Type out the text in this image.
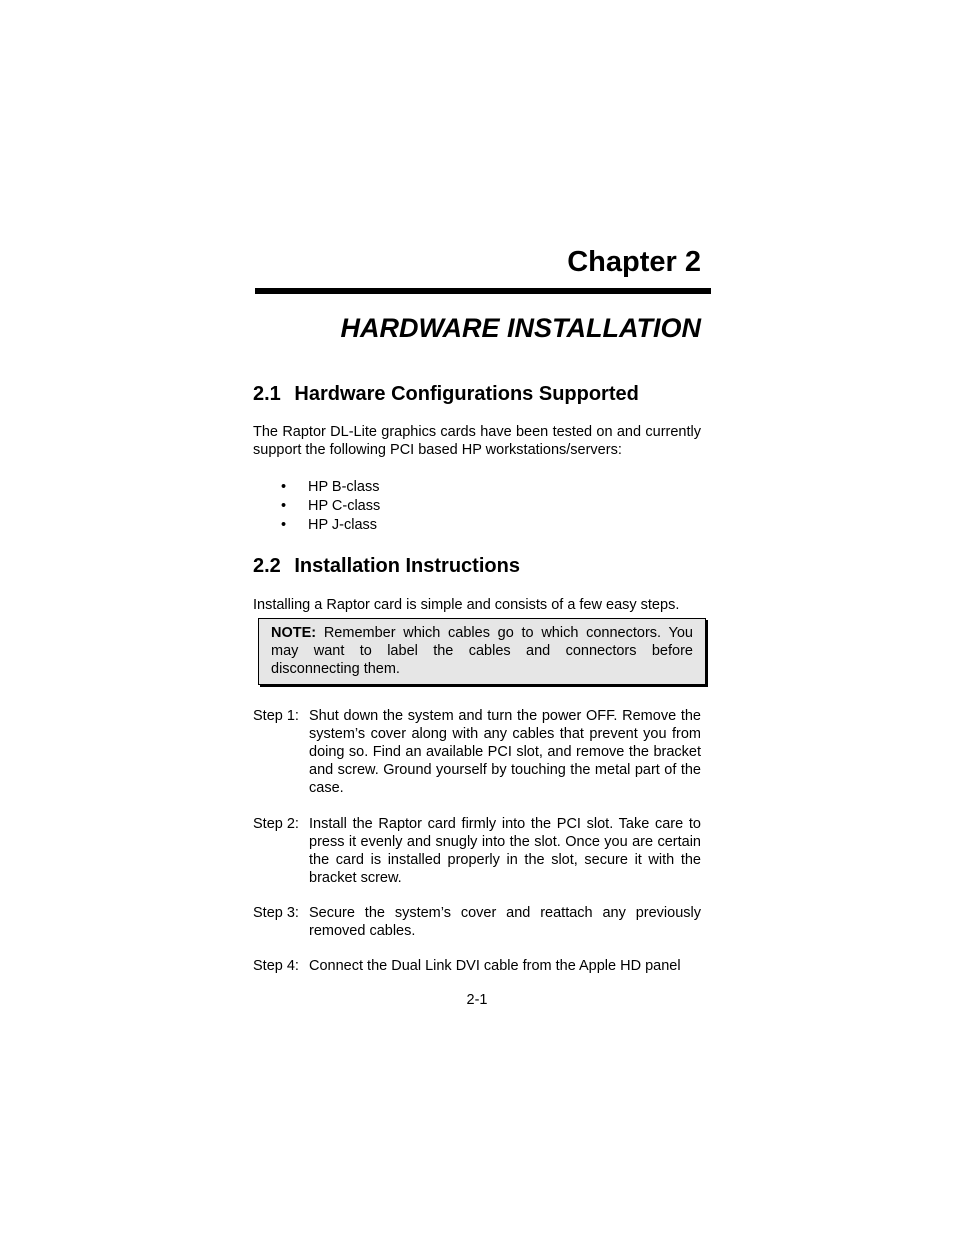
Chapter 2
HARDWARE INSTALLATION
2.1 Hardware Configurations Supported

The Raptor DL-Lite graphics cards have been tested on and currently support the following PCI based HP workstations/servers:

• HP B-class
• HP C-class
• HP J-class
2.2 Installation Instructions

Installing a Raptor card is simple and consists of a few easy steps.

NOTE: Remember which cables go to which connectors. You may want to label the cables and connectors before disconnecting them.
Step 1: Shut down the system and turn the power OFF. Remove the system’s cover along with any cables that prevent you from doing so. Find an available PCI slot, and remove the bracket and screw. Ground yourself by touching the metal part of the case.
Step 2: Install the Raptor card firmly into the PCI slot. Take care to press it evenly and snugly into the slot. Once you are certain the card is installed properly in the slot, secure it with the bracket screw.
Step 3: Secure the system’s cover and reattach any previously removed cables.
Step 4: Connect the Dual Link DVI cable from the Apple HD panel
2-1
